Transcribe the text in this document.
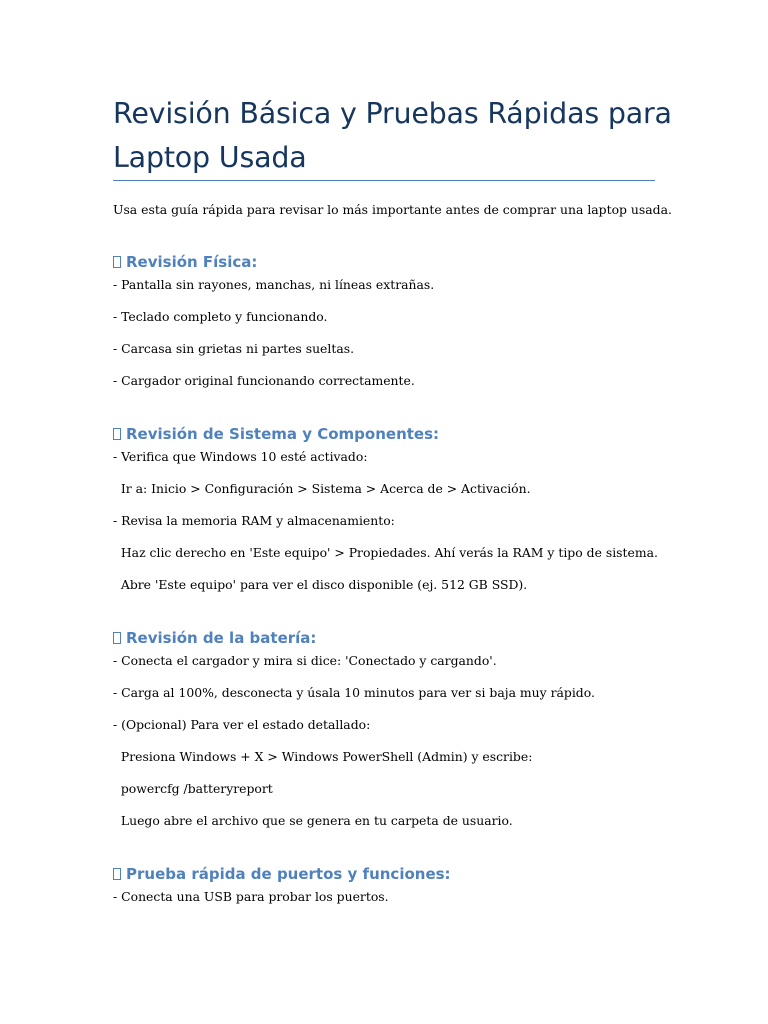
Revisión Básica y Pruebas Rápidas para Laptop Usada

Usa esta guía rápida para revisar lo más importante antes de comprar una laptop usada.

Revisión Física:

- Pantalla sin rayones, manchas, ni líneas extrañas.

- Teclado completo y funcionando.

- Carcasa sin grietas ni partes sueltas.

- Cargador original funcionando correctamente.

Revisión de Sistema y Componentes:

- Verifica que Windows 10 esté activado:

Ir a: Inicio > Configuración > Sistema > Acerca de > Activación.

- Revisa la memoria RAM y almacenamiento:

Haz clic derecho en 'Este equipo' > Propiedades. Ahí verás la RAM y tipo de sistema.

Abre 'Este equipo' para ver el disco disponible (ej. 512 GB SSD).

Revisión de la batería:

- Conecta el cargador y mira si dice: 'Conectado y cargando'.

- Carga al 100%, desconecta y úsala 10 minutos para ver si baja muy rápido.

- (Opcional) Para ver el estado detallado:

Presiona Windows + X > Windows PowerShell (Admin) y escribe:

powercfg /batteryreport

Luego abre el archivo que se genera en tu carpeta de usuario.

Prueba rápida de puertos y funciones:

- Conecta una USB para probar los puertos.
